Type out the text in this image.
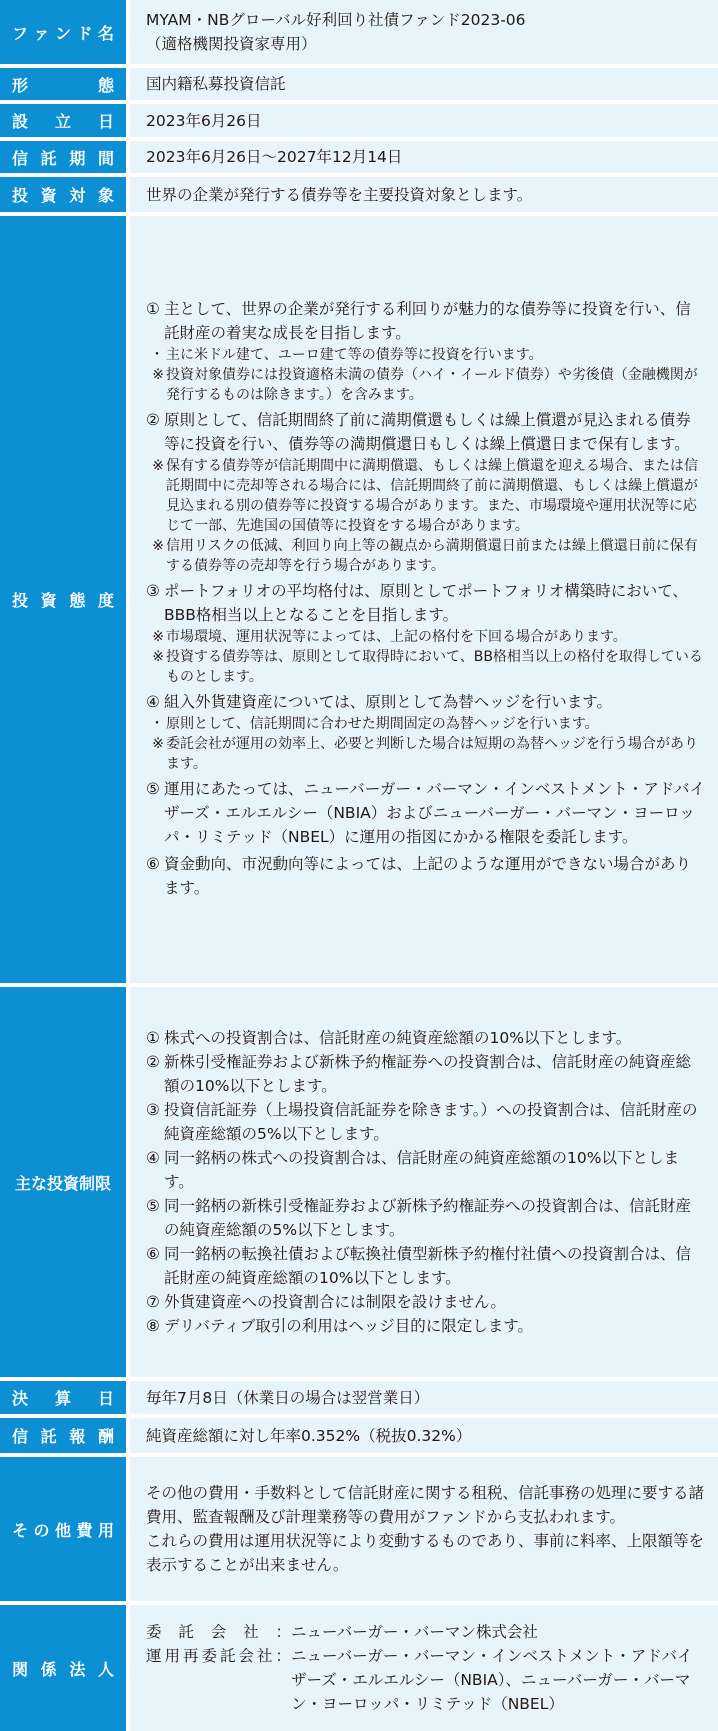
フ ァ ン ド 名
MYAM・NBグローバル好利回り社債ファンド2023-06
（適格機関投資家専用）
形	態 国内籍私募投資信託
設 立 日 2023年6月26日
信 託 期 間 2023年6月26日～2027年12月14日
投 資 対 象 世界の企業が発行する債券等を主要投資対象とします。
投 資 態 度
① 主として、世界の企業が発行する利回りが魅力的な債券等に投資を行い、信託財産の着実な成長を目指します。
・ 主に米ドル建て、ユーロ建て等の債券等に投資を行います。
※ 投資対象債券には投資適格未満の債券（ハイ・イールド債券）や劣後債（金融機関が発行するものは除きます。）を含みます。
② 原則として、信託期間終了前に満期償還もしくは繰上償還が見込まれる債券等に投資を行い、債券等の満期償還日もしくは繰上償還日まで保有します。
※ 保有する債券等が信託期間中に満期償還、もしくは繰上償還を迎える場合、または信託期間中に売却等される場合には、信託期間終了前に満期償還、もしくは繰上償還が見込まれる別の債券等に投資する場合があります。また、市場環境や運用状況等に応じて一部、先進国の国債等に投資をする場合があります。
※ 信用リスクの低減、利回り向上等の観点から満期償還日前または繰上償還日前に保有する債券等の売却等を行う場合があります。
③ ポートフォリオの平均格付は、原則としてポートフォリオ構築時において、BBB格相当以上となることを目指します。
※ 市場環境、運用状況等によっては、上記の格付を下回る場合があります。
※ 投資する債券等は、原則として取得時において、BB格相当以上の格付を取得しているものとします。
④ 組入外貨建資産については、原則として為替ヘッジを行います。
・ 原則として、信託期間に合わせた期間固定の為替ヘッジを行います。
※ 委託会社が運用の効率上、必要と判断した場合は短期の為替ヘッジを行う場合があります。
⑤ 運用にあたっては、ニューバーガー・バーマン・インベストメント・アドバイザーズ・エルエルシー（NBIA）およびニューバーガー・バーマン・ヨーロッパ・リミテッド（NBEL）に運用の指図にかかる権限を委託します。
⑥ 資金動向、市況動向等によっては、上記のような運用ができない場合があります。
主な投資制限
① 株式への投資割合は、信託財産の純資産総額の10%以下とします。
② 新株引受権証券および新株予約権証券への投資割合は、信託財産の純資産総額の10%以下とします。
③ 投資信託証券（上場投資信託証券を除きます。）への投資割合は、信託財産の純資産総額の5%以下とします。
④ 同一銘柄の株式への投資割合は、信託財産の純資産総額の10%以下とします。
⑤ 同一銘柄の新株引受権証券および新株予約権証券への投資割合は、信託財産の純資産総額の5%以下とします。
⑥ 同一銘柄の転換社債および転換社債型新株予約権付社債への投資割合は、信託財産の純資産総額の10%以下とします。
⑦ 外貨建資産への投資割合には制限を設けません。
⑧ デリバティブ取引の利用はヘッジ目的に限定します。
決 算 日 毎年7月8日（休業日の場合は翌営業日）
信 託 報 酬 純資産総額に対し年率0.352%（税抜0.32%）
そ の 他 費 用
その他の費用・手数料として信託財産に関する租税、信託事務の処理に要する諸費用、監査報酬及び計理業務等の費用がファンドから支払われます。
これらの費用は運用状況等により変動するものであり、事前に料率、上限額等を表示することが出来ません。
関 係 法 人
委 託 会 社 ： ニューバーガー・バーマン株式会社
運 用 再 委 託 会 社 ： ニューバーガー・バーマン・インベストメント・アドバイザーズ・エルエルシー（NBIA）、ニューバーガー・バーマン・ヨーロッパ・リミテッド（NBEL）
